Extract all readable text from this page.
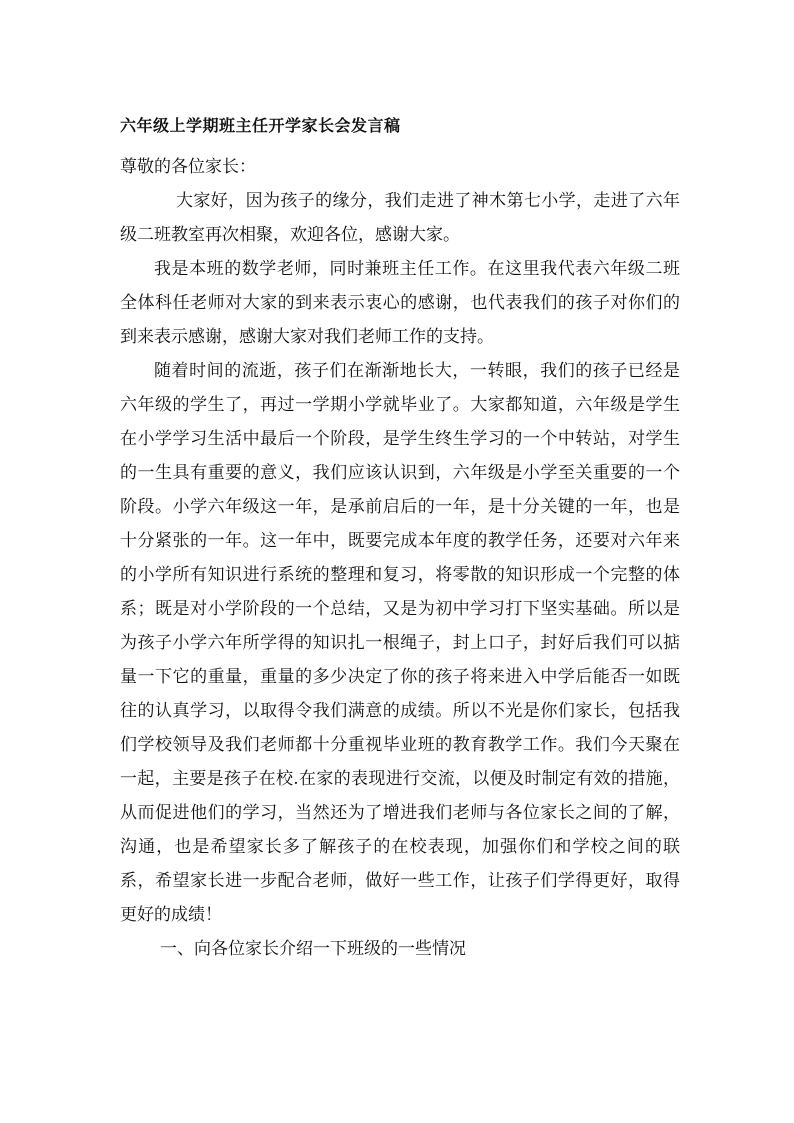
六年级上学期班主任开学家长会发言稿

尊敬的各位家长：

大家好，因为孩子的缘分，我们走进了神木第七小学，走进了六年级二班教室再次相聚，欢迎各位，感谢大家。

我是本班的数学老师，同时兼班主任工作。在这里我代表六年级二班全体科任老师对大家的到来表示衷心的感谢，也代表我们的孩子对你们的到来表示感谢，感谢大家对我们老师工作的支持。

随着时间的流逝，孩子们在渐渐地长大，一转眼，我们的孩子已经是六年级的学生了，再过一学期小学就毕业了。大家都知道，六年级是学生在小学学习生活中最后一个阶段，是学生终生学习的一个中转站，对学生的一生具有重要的意义，我们应该认识到，六年级是小学至关重要的一个阶段。小学六年级这一年，是承前启后的一年，是十分关键的一年，也是十分紧张的一年。这一年中，既要完成本年度的教学任务，还要对六年来的小学所有知识进行系统的整理和复习，将零散的知识形成一个完整的体系；既是对小学阶段的一个总结，又是为初中学习打下坚实基础。所以是为孩子小学六年所学得的知识扎一根绳子，封上口子，封好后我们可以掂量一下它的重量，重量的多少决定了你的孩子将来进入中学后能否一如既往的认真学习，以取得令我们满意的成绩。所以不光是你们家长，包括我们学校领导及我们老师都十分重视毕业班的教育教学工作。我们今天聚在一起，主要是孩子在校.在家的表现进行交流，以便及时制定有效的措施，从而促进他们的学习，当然还为了增进我们老师与各位家长之间的了解，沟通，也是希望家长多了解孩子的在校表现，加强你们和学校之间的联系，希望家长进一步配合老师，做好一些工作，让孩子们学得更好，取得更好的成绩！

一、向各位家长介绍一下班级的一些情况
